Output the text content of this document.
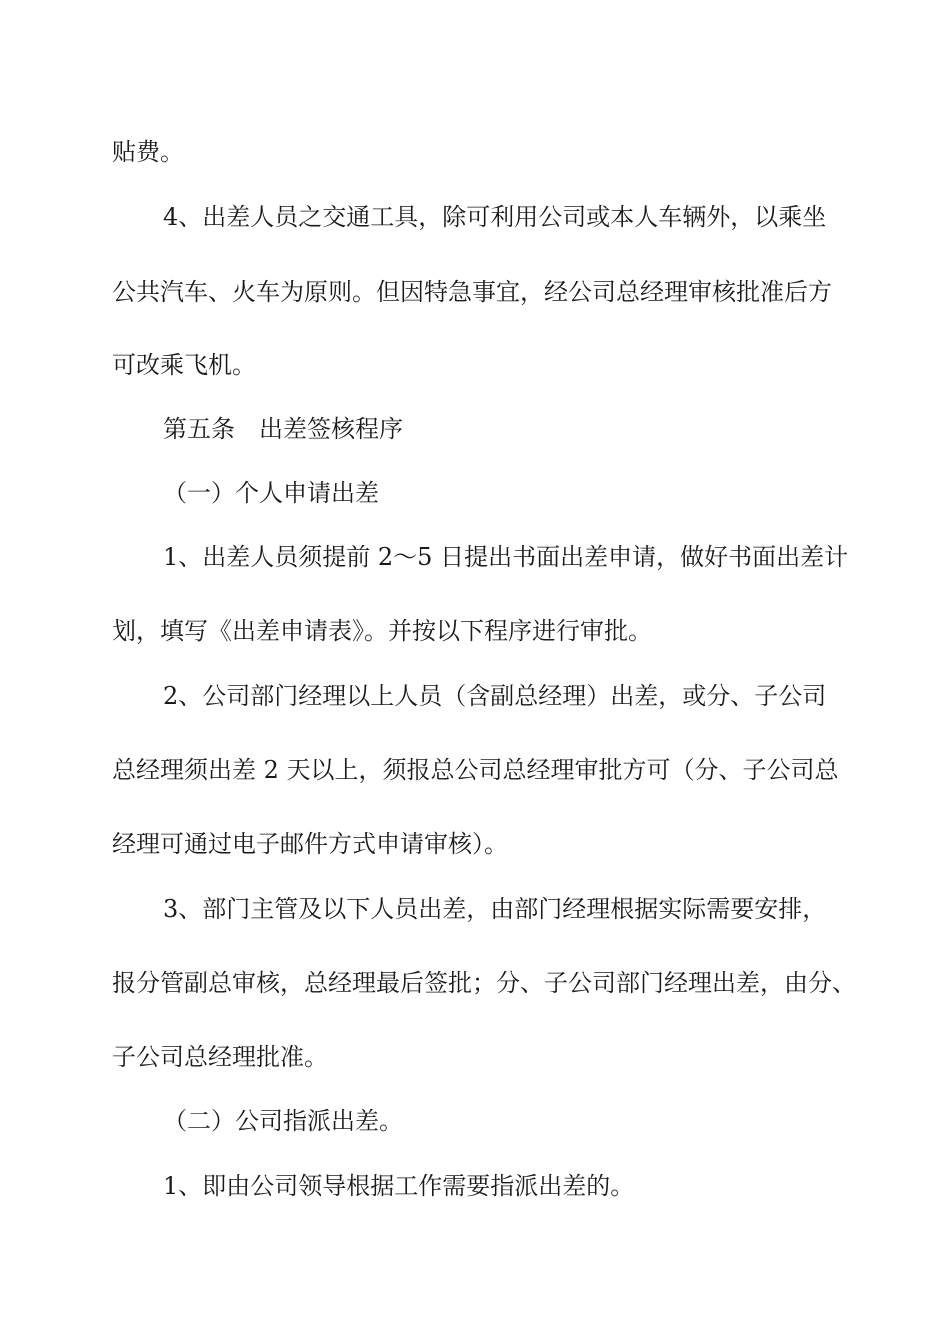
贴费。
4、出差人员之交通工具，除可利用公司或本人车辆外，以乘坐
公共汽车、火车为原则。但因特急事宜，经公司总经理审核批准后方
可改乘飞机。
第五条　出差签核程序
（一）个人申请出差
1、出差人员须提前 2～5 日提出书面出差申请，做好书面出差计
划，填写《出差申请表》。并按以下程序进行审批。
2、公司部门经理以上人员（含副总经理）出差，或分、子公司
总经理须出差 2 天以上，须报总公司总经理审批方可（分、子公司总
经理可通过电子邮件方式申请审核）。
3、部门主管及以下人员出差，由部门经理根据实际需要安排，
报分管副总审核，总经理最后签批；分、子公司部门经理出差，由分、
子公司总经理批准。
（二）公司指派出差。
1、即由公司领导根据工作需要指派出差的。
